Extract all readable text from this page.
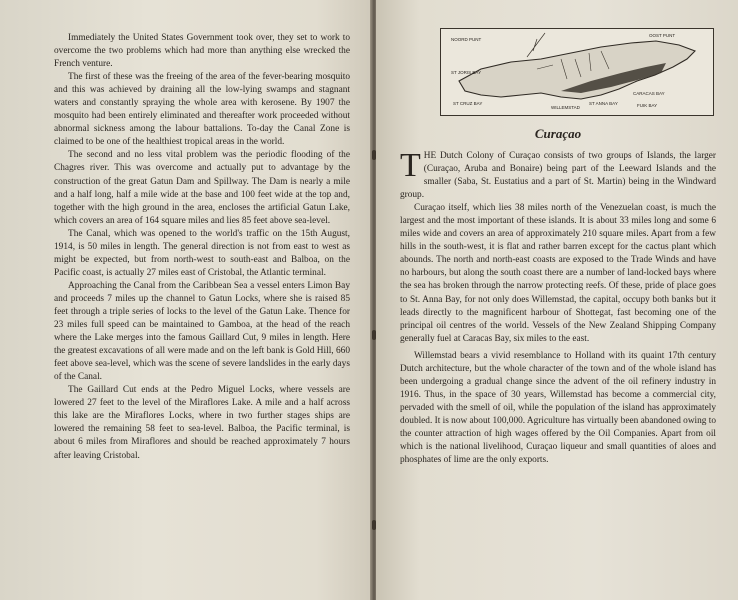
Immediately the United States Government took over, they set to work to overcome the two problems which had more than anything else wrecked the French venture.

The first of these was the freeing of the area of the fever-bearing mosquito and this was achieved by draining all the low-lying swamps and stagnant waters and constantly spraying the whole area with kerosene. By 1907 the mosquito had been entirely eliminated and thereafter work proceeded without abnormal sickness among the labour battalions. To-day the Canal Zone is claimed to be one of the healthiest tropical areas in the world.

The second and no less vital problem was the periodic flooding of the Chagres river. This was overcome and actually put to advantage by the construction of the great Gatun Dam and Spillway. The Dam is nearly a mile and a half long, half a mile wide at the base and 100 feet wide at the top and, together with the high ground in the area, encloses the artificial Gatun Lake, which covers an area of 164 square miles and lies 85 feet above sea-level.

The Canal, which was opened to the world's traffic on the 15th August, 1914, is 50 miles in length. The general direction is not from east to west as might be expected, but from north-west to south-east and Balboa, on the Pacific coast, is actually 27 miles east of Cristobal, the Atlantic terminal.

Approaching the Canal from the Caribbean Sea a vessel enters Limon Bay and proceeds 7 miles up the channel to Gatun Locks, where she is raised 85 feet through a triple series of locks to the level of the Gatun Lake. Thence for 23 miles full speed can be maintained to Gamboa, at the head of the reach where the Lake merges into the famous Gaillard Cut, 9 miles in length. Here the greatest excavations of all were made and on the left bank is Gold Hill, 660 feet above sea-level, which was the scene of severe landslides in the early days of the Canal.

The Gaillard Cut ends at the Pedro Miguel Locks, where vessels are lowered 27 feet to the level of the Miraflores Lake. A mile and a half across this lake are the Miraflores Locks, where in two further stages ships are lowered the remaining 58 feet to sea-level. Balboa, the Pacific terminal, is about 6 miles from Miraflores and should be reached approximately 7 hours after leaving Cristobal.

NOORD PUNT
ST JORIS BAY
ST CRUZ BAY
WILLEMSTAD
CARACAS BAY
FUIK BAY
ST ANNA BAY
OOST PUNT
Curaçao

THE Dutch Colony of Curaçao consists of two groups of Islands, the larger (Curaçao, Aruba and Bonaire) being part of the Leeward Islands and the smaller (Saba, St. Eustatius and a part of St. Martin) being in the Windward group.

Curaçao itself, which lies 38 miles north of the Venezuelan coast, is much the largest and the most important of these islands. It is about 33 miles long and some 6 miles wide and covers an area of approximately 210 square miles. Apart from a few hills in the south-west, it is flat and rather barren except for the cactus plant which abounds. The north and north-east coasts are exposed to the Trade Winds and have no harbours, but along the south coast there are a number of land-locked bays where the sea has broken through the narrow protecting reefs. Of these, pride of place goes to St. Anna Bay, for not only does Willemstad, the capital, occupy both banks but it leads directly to the magnificent harbour of Shottegat, fast becoming one of the principal oil centres of the world. Vessels of the New Zealand Shipping Company generally fuel at Caracas Bay, six miles to the east.

Willemstad bears a vivid resemblance to Holland with its quaint 17th century Dutch architecture, but the whole character of the town and of the whole island has been undergoing a gradual change since the advent of the oil refinery industry in 1916. Thus, in the space of 30 years, Willemstad has become a commercial city, pervaded with the smell of oil, while the population of the island has approximately doubled. It is now about 100,000. Agriculture has virtually been abandoned owing to the counter attraction of high wages offered by the Oil Companies. Apart from oil which is the national livelihood, Curaçao liqueur and small quantities of aloes and phosphates of lime are the only exports.
